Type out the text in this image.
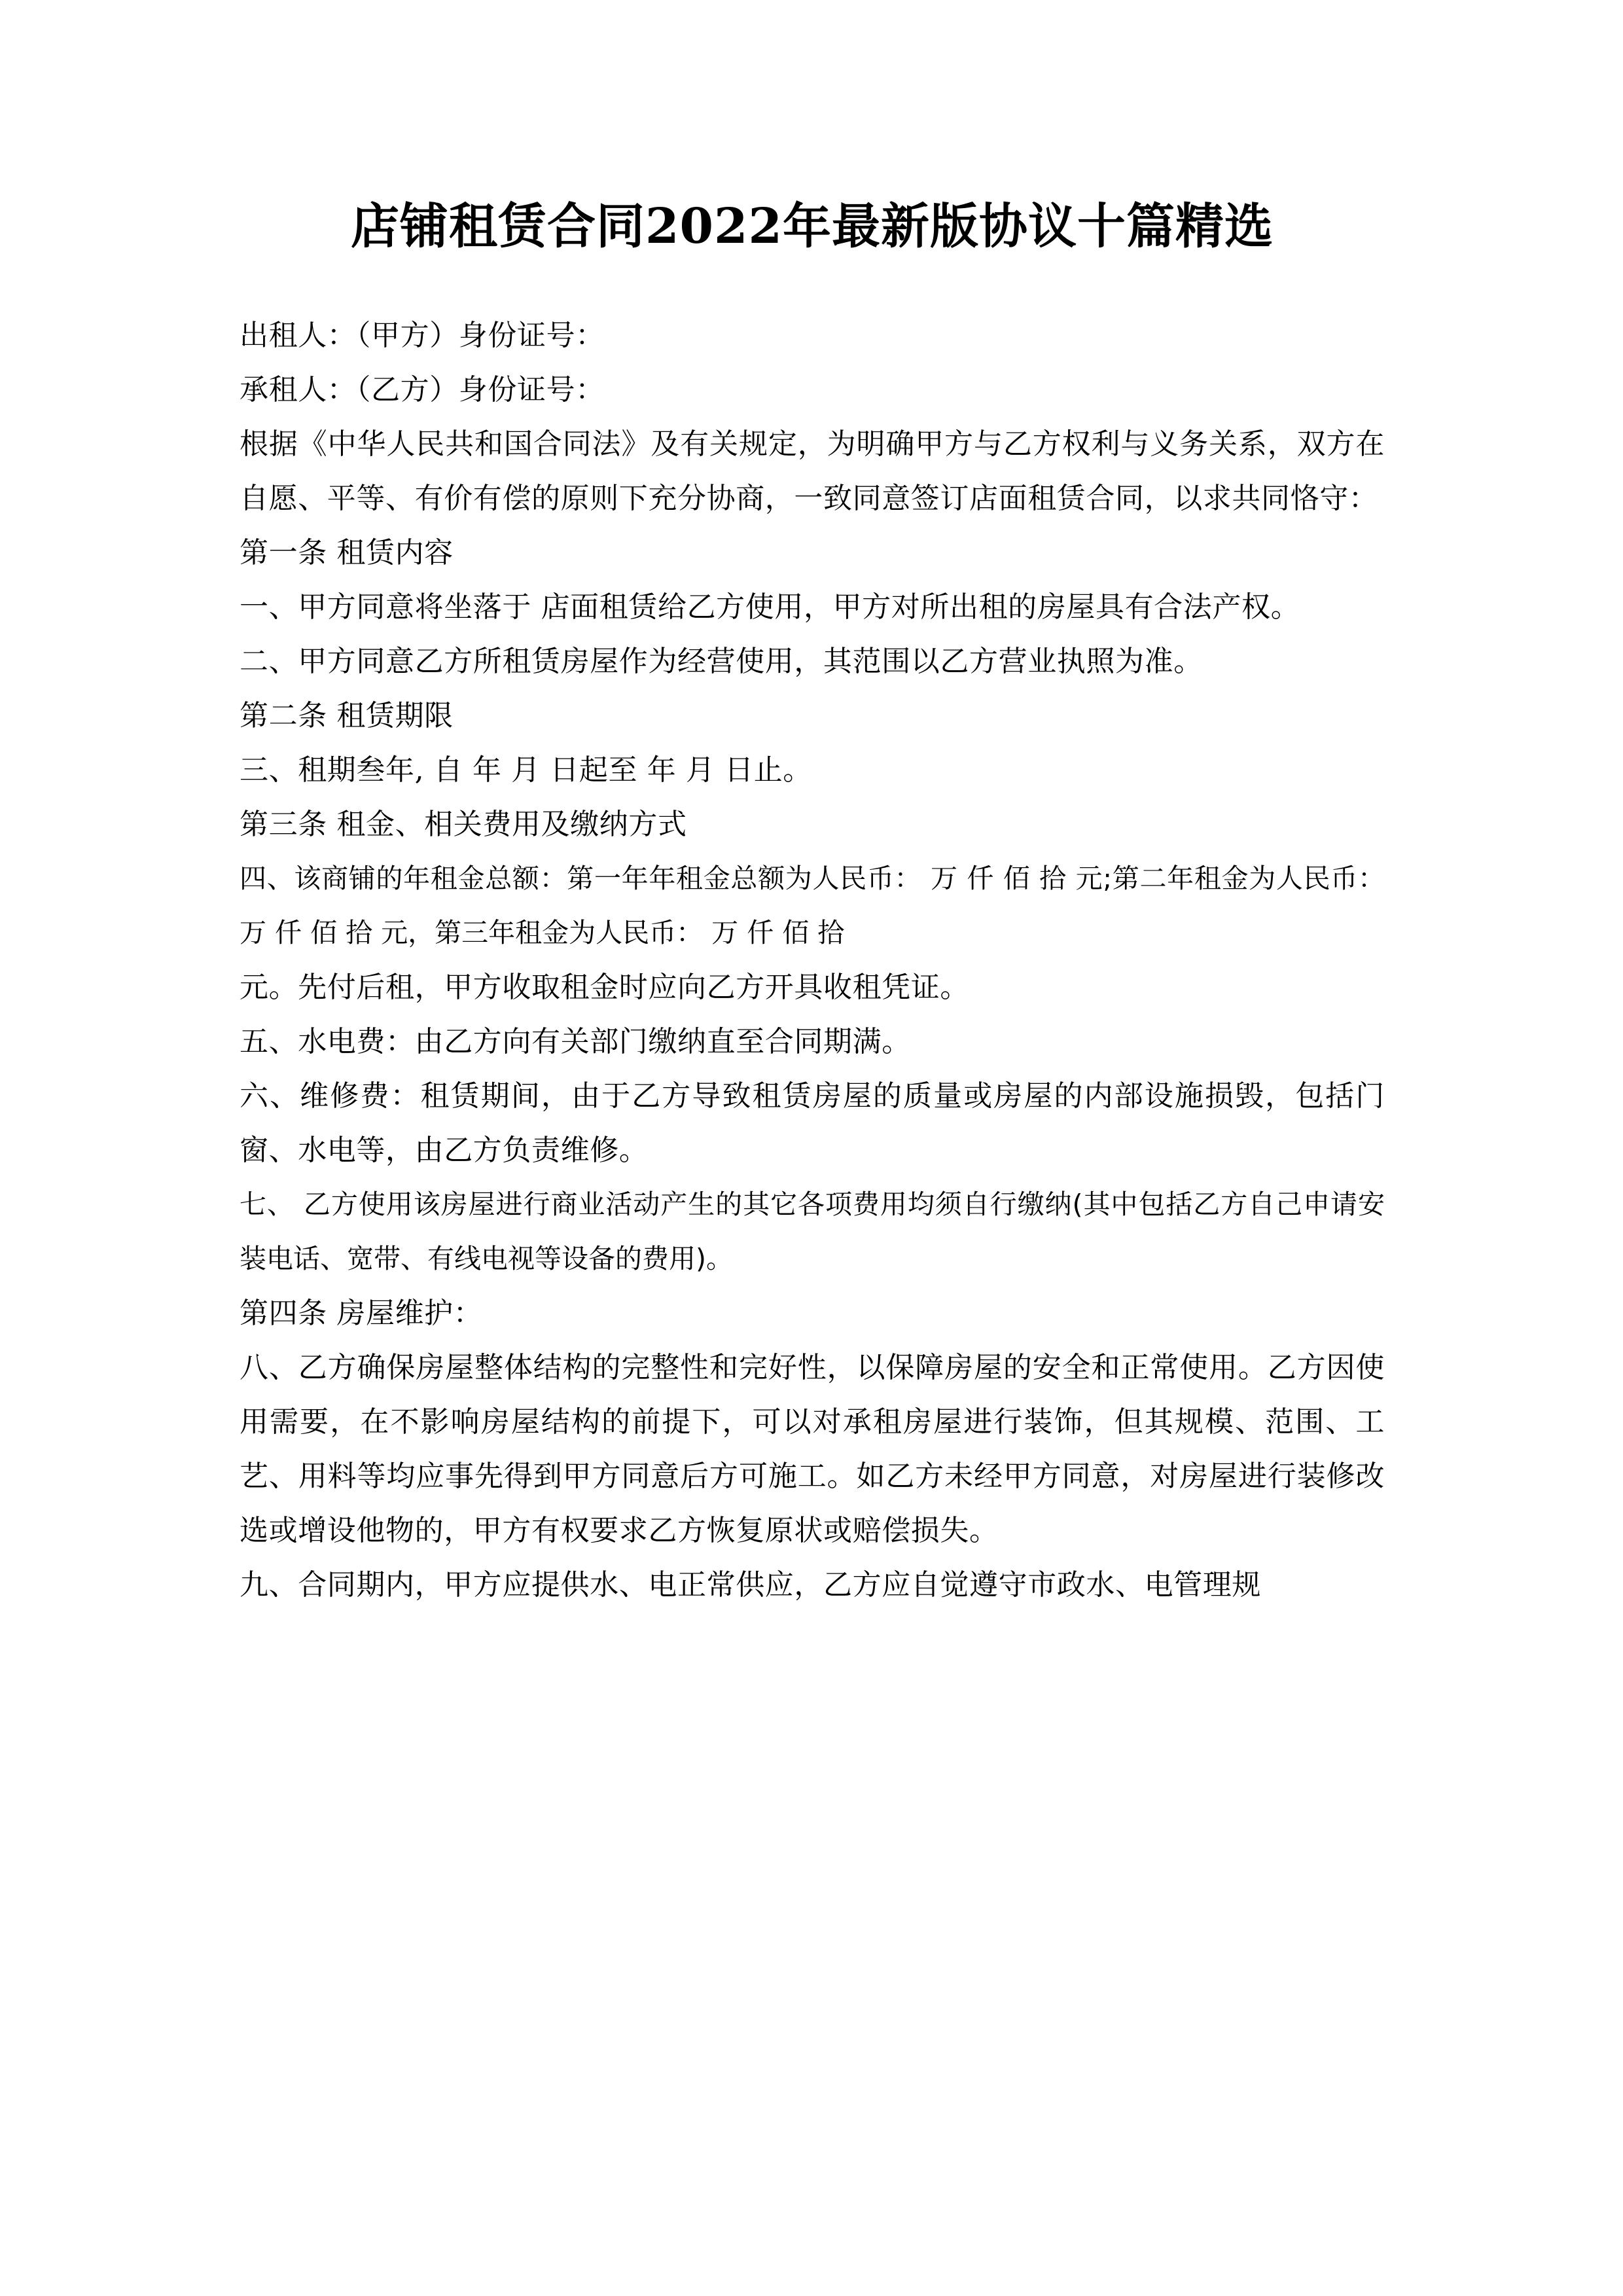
店铺租赁合同2022年最新版协议十篇精选

出租人：（甲方）身份证号：

承租人：（乙方）身份证号：

根据《中华人民共和国合同法》及有关规定，为明确甲方与乙方权利与义务关系，双方在自愿、平等、有价有偿的原则下充分协商，一致同意签订店面租赁合同，以求共同恪守：

第一条 租赁内容

一、甲方同意将坐落于 店面租赁给乙方使用，甲方对所出租的房屋具有合法产权。

二、甲方同意乙方所租赁房屋作为经营使用，其范围以乙方营业执照为准。

第二条 租赁期限

三、租期叁年, 自 年 月 日起至 年 月 日止。

第三条 租金、相关费用及缴纳方式

四、该商铺的年租金总额：第一年年租金总额为人民币： 万 仟 佰 拾 元;第二年租金为人民币： 万 仟 佰 拾 元，第三年租金为人民币： 万 仟 佰 拾

元。先付后租，甲方收取租金时应向乙方开具收租凭证。

五、水电费：由乙方向有关部门缴纳直至合同期满。

六、维修费：租赁期间，由于乙方导致租赁房屋的质量或房屋的内部设施损毁，包括门窗、水电等，由乙方负责维修。

七、 乙方使用该房屋进行商业活动产生的其它各项费用均须自行缴纳(其中包括乙方自己申请安装电话、宽带、有线电视等设备的费用)。

第四条 房屋维护：

八、乙方确保房屋整体结构的完整性和完好性，以保障房屋的安全和正常使用。乙方因使用需要，在不影响房屋结构的前提下，可以对承租房屋进行装饰，但其规模、范围、工艺、用料等均应事先得到甲方同意后方可施工。如乙方未经甲方同意，对房屋进行装修改选或增设他物的，甲方有权要求乙方恢复原状或赔偿损失。

九、合同期内，甲方应提供水、电正常供应，乙方应自觉遵守市政水、电管理规
